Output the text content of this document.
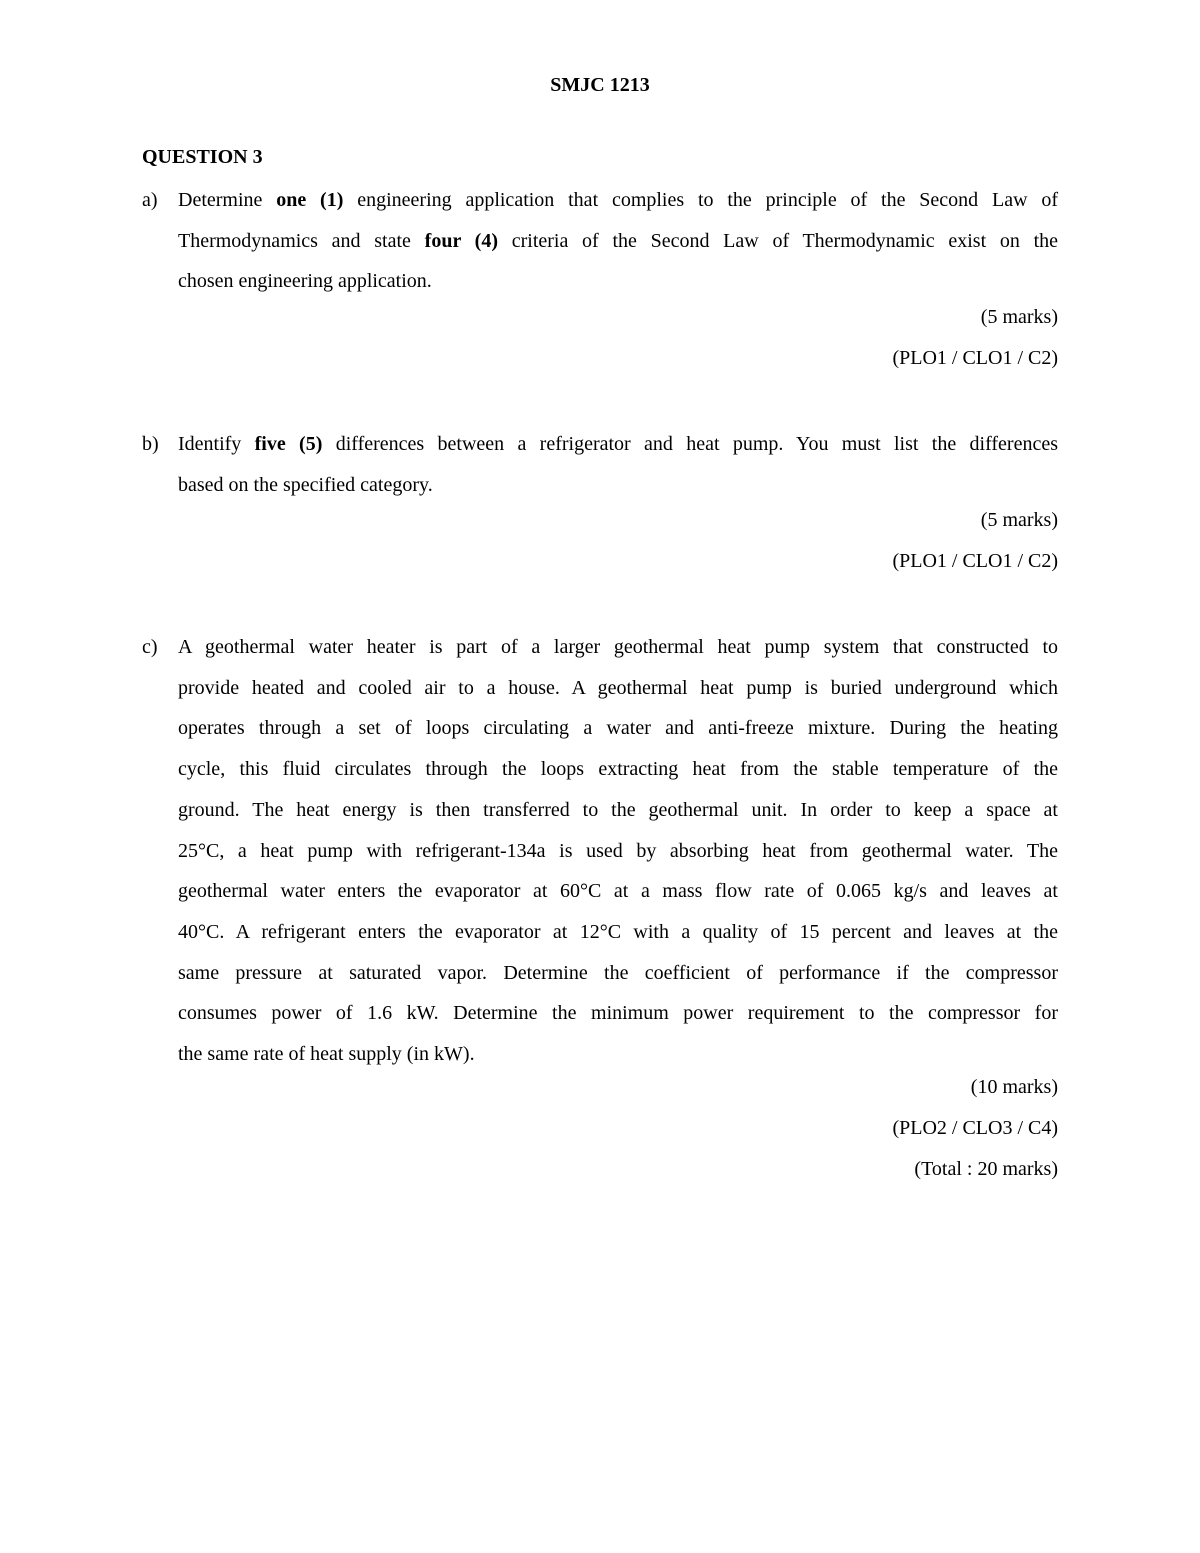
SMJC 1213
QUESTION 3
a) Determine one (1) engineering application that complies to the principle of the Second Law of
Thermodynamics and state four (4) criteria of the Second Law of Thermodynamic exist on the
chosen engineering application.
(5 marks)
(PLO1 / CLO1 / C2)
b) Identify five (5) differences between a refrigerator and heat pump. You must list the differences
based on the specified category.
(5 marks)
(PLO1 / CLO1 / C2)
c) A geothermal water heater is part of a larger geothermal heat pump system that constructed to
provide heated and cooled air to a house. A geothermal heat pump is buried underground which
operates through a set of loops circulating a water and anti-freeze mixture. During the heating
cycle, this fluid circulates through the loops extracting heat from the stable temperature of the
ground. The heat energy is then transferred to the geothermal unit. In order to keep a space at
25°C, a heat pump with refrigerant-134a is used by absorbing heat from geothermal water. The
geothermal water enters the evaporator at 60°C at a mass flow rate of 0.065 kg/s and leaves at
40°C. A refrigerant enters the evaporator at 12°C with a quality of 15 percent and leaves at the
same pressure at saturated vapor. Determine the coefficient of performance if the compressor
consumes power of 1.6 kW. Determine the minimum power requirement to the compressor for
the same rate of heat supply (in kW).
(10 marks)
(PLO2 / CLO3 / C4)
(Total : 20 marks)
